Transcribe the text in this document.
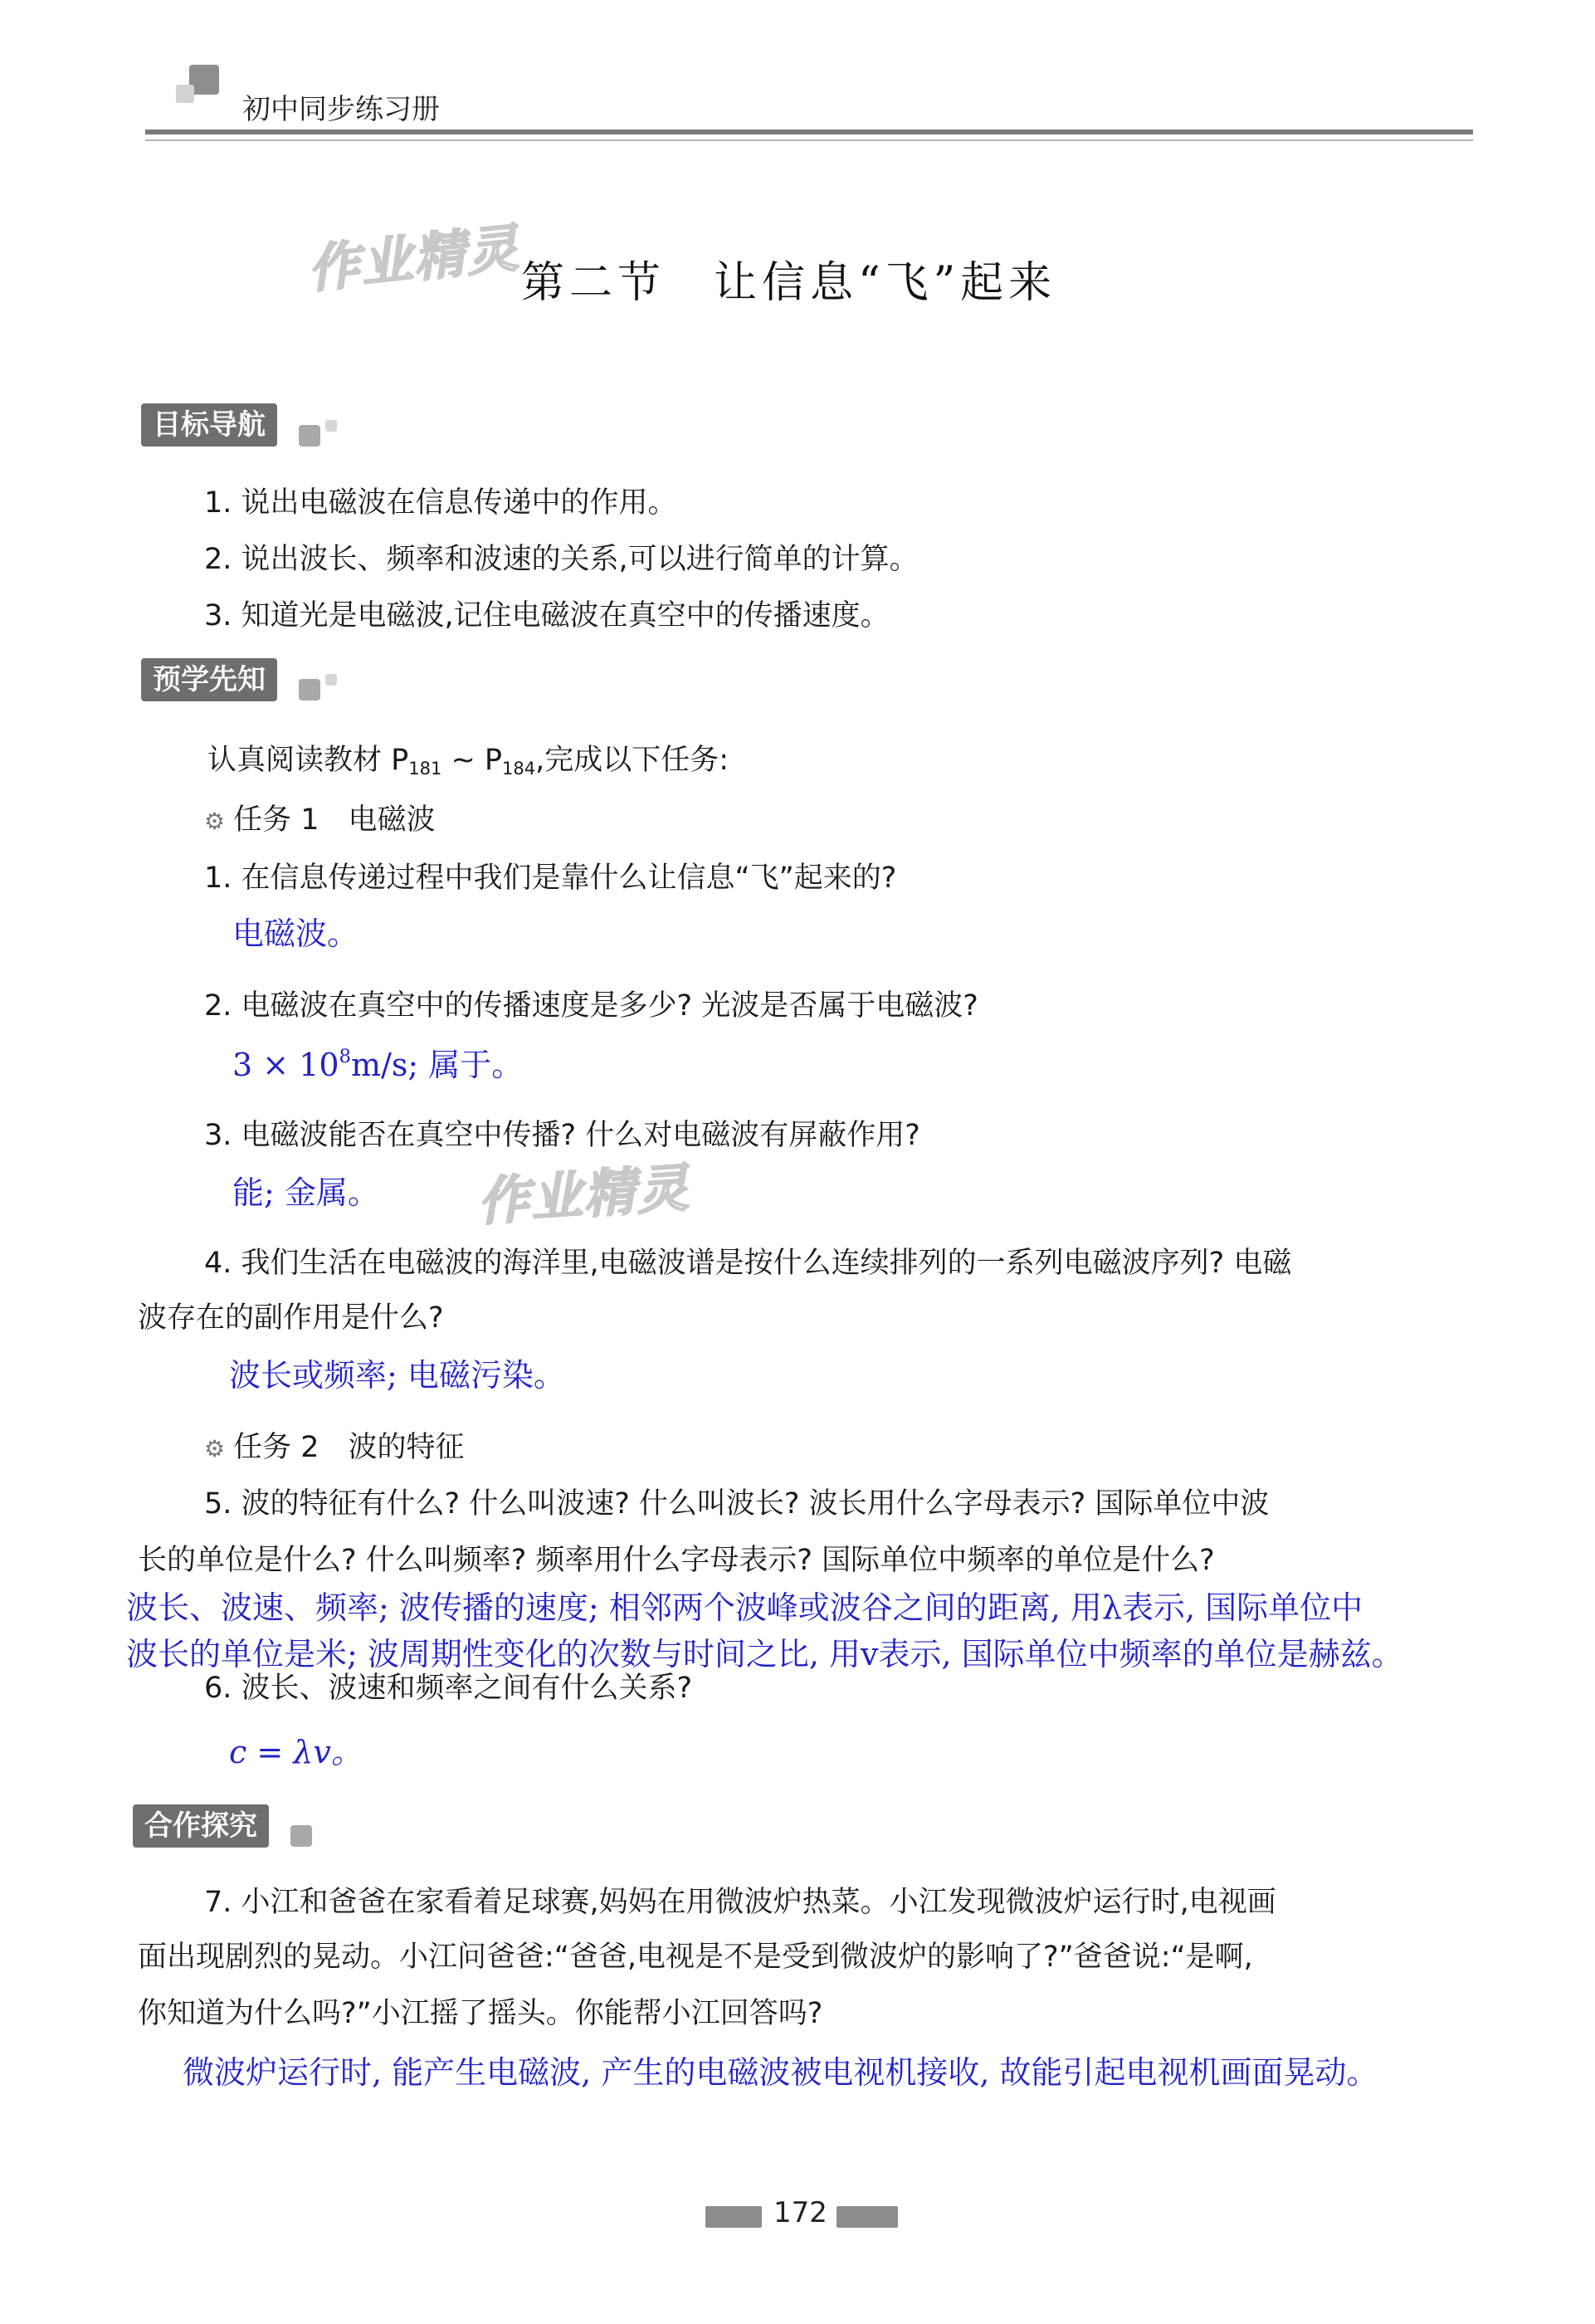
初中同步练习册
作业精灵
作业精灵
第二节　让信息“飞”起来
目标导航
1. 说出电磁波在信息传递中的作用。
2. 说出波长、频率和波速的关系,可以进行简单的计算。
3. 知道光是电磁波,记住电磁波在真空中的传播速度。
预学先知
认真阅读教材 $P_{181}$ ~ $P_{184}$,完成以下任务:
⚙ 任务 1　电磁波
1. 在信息传递过程中我们是靠什么让信息“飞”起来的?
电磁波。
2. 电磁波在真空中的传播速度是多少? 光波是否属于电磁波?
$3 \times 10^8m/s$; 属于。
3. 电磁波能否在真空中传播? 什么对电磁波有屏蔽作用?
能; 金属。
4. 我们生活在电磁波的海洋里,电磁波谱是按什么连续排列的一系列电磁波序列? 电磁
波存在的副作用是什么?
波长或频率; 电磁污染。
⚙ 任务 2　波的特征
5. 波的特征有什么? 什么叫波速? 什么叫波长? 波长用什么字母表示? 国际单位中波
长的单位是什么? 什么叫频率? 频率用什么字母表示? 国际单位中频率的单位是什么?
波长、波速、频率; 波传播的速度; 相邻两个波峰或波谷之间的距离, 用λ表示, 国际单位中
波长的单位是米; 波周期性变化的次数与时间之比, 用v表示, 国际单位中频率的单位是赫兹。
6. 波长、波速和频率之间有什么关系?
c = λv。
合作探究
7. 小江和爸爸在家看着足球赛,妈妈在用微波炉热菜。小江发现微波炉运行时,电视画
面出现剧烈的晃动。小江问爸爸:“爸爸,电视是不是受到微波炉的影响了?”爸爸说:“是啊,
你知道为什么吗?”小江摇了摇头。你能帮小江回答吗?
微波炉运行时, 能产生电磁波, 产生的电磁波被电视机接收, 故能引起电视机画面晃动。
172
